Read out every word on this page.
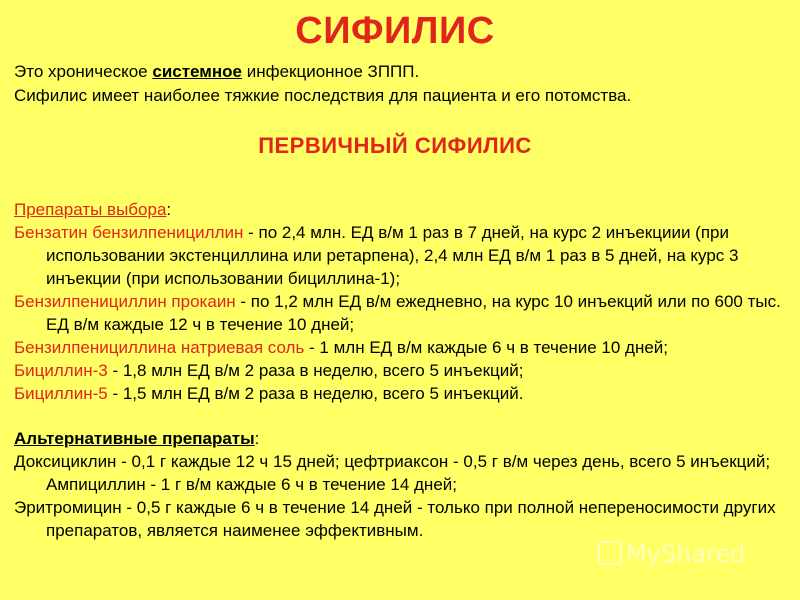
СИФИЛИС
Это хроническое системное инфекционное ЗППП.
Сифилис имеет наиболее тяжкие последствия для пациента и его потомства.
ПЕРВИЧНЫЙ СИФИЛИС

Препараты выбора:

Бензатин бензилпенициллин - по 2,4 млн. ЕД в/м 1 раз в 7 дней, на курс 2 инъекциии (при использовании экстенциллина или ретарпена), 2,4 млн ЕД в/м 1 раз в 5 дней, на курс 3 инъекции (при использовании бициллина-1);

Бензилпенициллин прокаин - по 1,2 млн ЕД в/м ежедневно, на курс 10 инъекций или по 600 тыс. ЕД в/м каждые 12 ч в течение 10 дней;

Бензилпенициллина натриевая соль - 1 млн ЕД в/м каждые 6 ч в течение 10 дней;

Бициллин-3 - 1,8 млн ЕД в/м 2 раза в неделю, всего 5 инъекций;

Бициллин-5 - 1,5 млн ЕД в/м 2 раза в неделю, всего 5 инъекций.

Альтернативные препараты:

Доксициклин - 0,1 г каждые 12 ч 15 дней; цефтриаксон - 0,5 г в/м через день, всего 5 инъекций; Ампициллин - 1 г в/м каждые 6 ч в течение 14 дней;

Эритромицин - 0,5 г каждые 6 ч в течение 14 дней - только при полной непереносимости других препаратов, является наименее эффективным.

MyShared
